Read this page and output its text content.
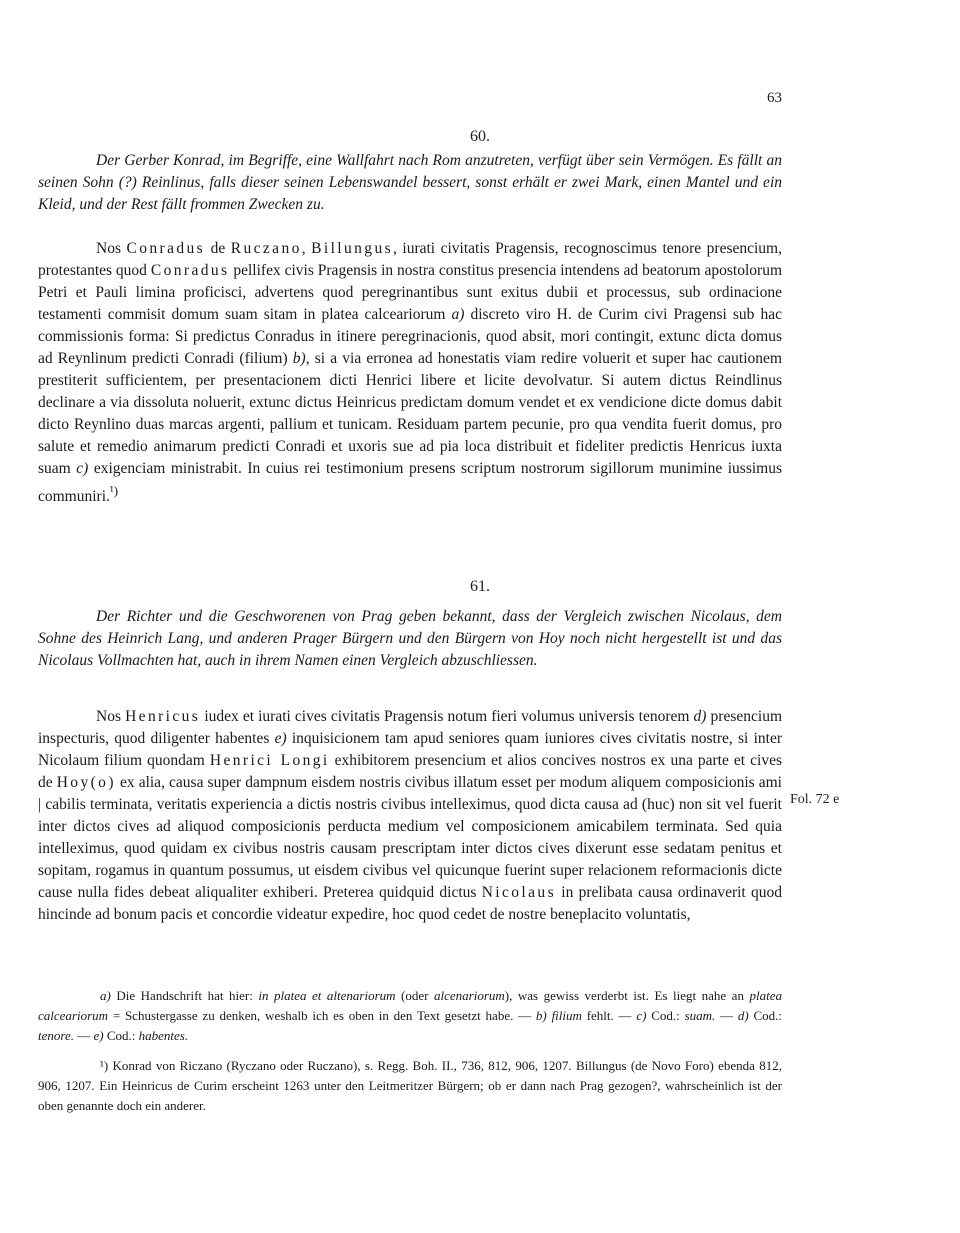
63
60.
Der Gerber Konrad, im Begriffe, eine Wallfahrt nach Rom anzutreten, verfügt über sein Vermögen. Es fällt an seinen Sohn (?) Reinlinus, falls dieser seinen Lebenswandel bessert, sonst erhält er zwei Mark, einen Mantel und ein Kleid, und der Rest fällt frommen Zwecken zu.

Nos Conradus de Ruczano, Billungus, iurati civitatis Pragensis, recognoscimus tenore presencium, protestantes quod Conradus pellifex civis Pragensis in nostra constitus presencia intendens ad beatorum apostolorum Petri et Pauli limina proficisci, advertens quod peregrinantibus sunt exitus dubii et processus, sub ordinacione testamenti commisit domum suam sitam in platea calceariorum a) discreto viro H. de Curim civi Pragensi sub hac commissionis forma: Si predictus Conradus in itinere peregrinacionis, quod absit, mori contingit, extunc dicta domus ad Reynlinum predicti Conradi (filium) b), si a via erronea ad honestatis viam redire voluerit et super hac cautionem prestiterit sufficientem, per presentacionem dicti Henrici libere et licite devolvatur. Si autem dictus Reindlinus declinare a via dissoluta noluerit, extunc dictus Heinricus predictam domum vendet et ex vendicione dicte domus dabit dicto Reynlino duas marcas argenti, pallium et tunicam. Residuam partem pecunie, pro qua vendita fuerit domus, pro salute et remedio animarum predicti Conradi et uxoris sue ad pia loca distribuit et fideliter predictis Henricus iuxta suam c) exigenciam ministrabit. In cuius rei testimonium presens scriptum nostrorum sigillorum munimine iussimus communiri.$^{^1)}$

61.
Der Richter und die Geschworenen von Prag geben bekannt, dass der Vergleich zwischen Nicolaus, dem Sohne des Heinrich Lang, und anderen Prager Bürgern und den Bürgern von Hoy noch nicht hergestellt ist und das Nicolaus Vollmachten hat, auch in ihrem Namen einen Vergleich abzuschliessen.

Nos Henricus iudex et iurati cives civitatis Pragensis notum fieri volumus universis tenorem d) presencium inspecturis, quod diligenter habentes e) inquisicionem tam apud seniores quam iuniores cives civitatis nostre, si inter Nicolaum filium quondam Henrici Longi exhibitorem presencium et alios concives nostros ex una parte et cives de Hoy(o) ex alia, causa super dampnum eisdem nostris civibus illatum esset per modum aliquem composicionis ami | cabilis terminata, veritatis experiencia a dictis nostris civibus intelleximus, quod dicta causa ad (huc) non sit vel fuerit inter dictos cives ad aliquod composicionis perducta medium vel composicionem amicabilem terminata. Sed quia intelleximus, quod quidam ex civibus nostris causam prescriptam inter dictos cives dixerunt esse sedatam penitus et sopitam, rogamus in quantum possumus, ut eisdem civibus vel quicunque fuerint super relacionem reformacionis dicte cause nulla fides debeat aliqualiter exhiberi. Preterea quidquid dictus Nicolaus in prelibata causa ordinaverit quod hincinde ad bonum pacis et concordie videatur expedire, hoc quod cedet de nostre beneplacito voluntatis,

Fol. 72 e

a) Die Handschrift hat hier: in platea et altenariorum (oder alcenariorum), was gewiss verderbt ist. Es liegt nahe an platea calceariorum = Schustergasse zu denken, weshalb ich es oben in den Text gesetzt habe. — b) filium fehlt. — c) Cod.: suam. — d) Cod.: tenore. — e) Cod.: habentes.

¹) Konrad von Riczano (Ryczano oder Ruczano), s. Regg. Boh. II., 736, 812, 906, 1207. Billungus (de Novo Foro) ebenda 812, 906, 1207. Ein Heinricus de Curim erscheint 1263 unter den Leitmeritzer Bürgern; ob er dann nach Prag gezogen?, wahrscheinlich ist der oben genannte doch ein anderer.
